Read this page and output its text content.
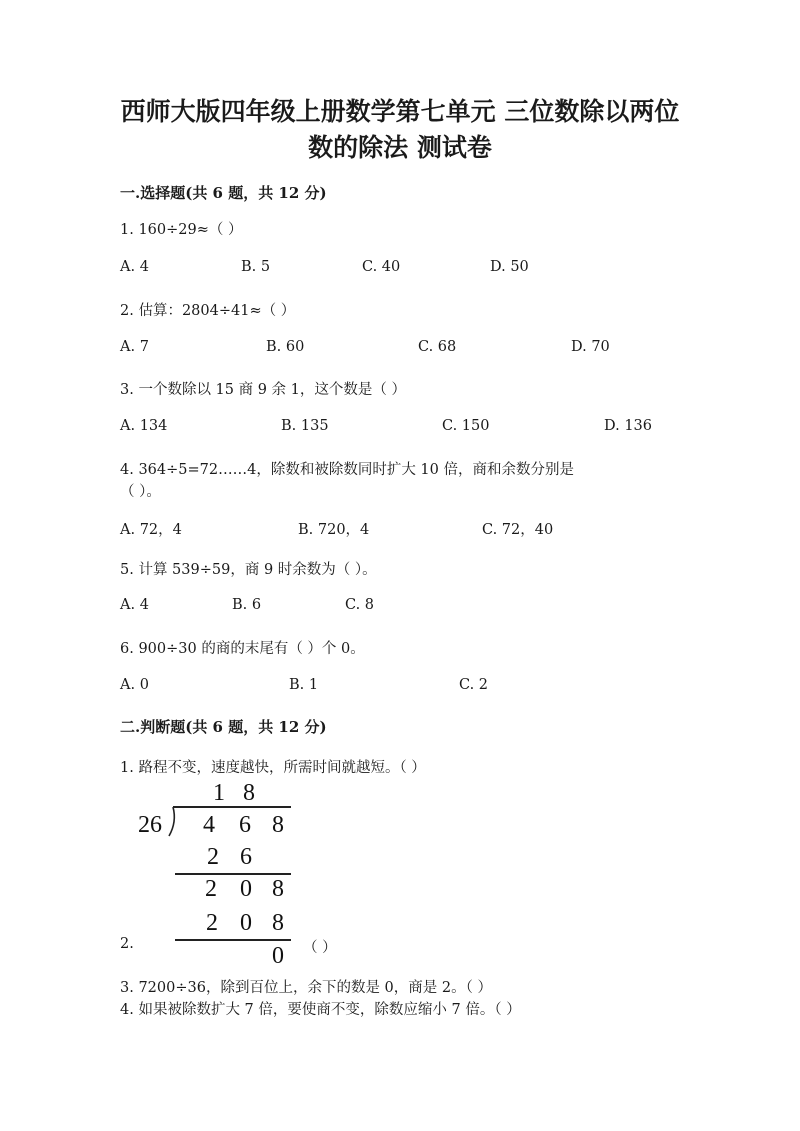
西师大版四年级上册数学第七单元 三位数除以两位
数的除法 测试卷
一.选择题(共 6 题，共 12 分)
1. 160÷29≈（ ）
A. 4	B. 5	C. 40	D. 50
2. 估算：2804÷41≈（ ）
A. 7	B. 60	C. 68	D. 70
3. 一个数除以 15 商 9 余 1，这个数是（ ）
A. 134	B. 135	C. 150	D. 136
4. 364÷5=72……4，除数和被除数同时扩大 10 倍，商和余数分别是
（ ）。
A. 72，4	B. 720，4	C. 72，40
5. 计算 539÷59，商 9 时余数为（ ）。
A. 4	B. 6	C. 8
6. 900÷30 的商的末尾有（ ）个 0。
A. 0	B. 1	C. 2
二.判断题(共 6 题，共 12 分)
1. 路程不变，速度越快，所需时间就越短。（ ）
1 8
26 4 6 8
2 6
2 0 8
2 0 8
0
2.	（ ）
3. 7200÷36，除到百位上，余下的数是 0，商是 2。（ ）
4. 如果被除数扩大 7 倍，要使商不变，除数应缩小 7 倍。（ ）
